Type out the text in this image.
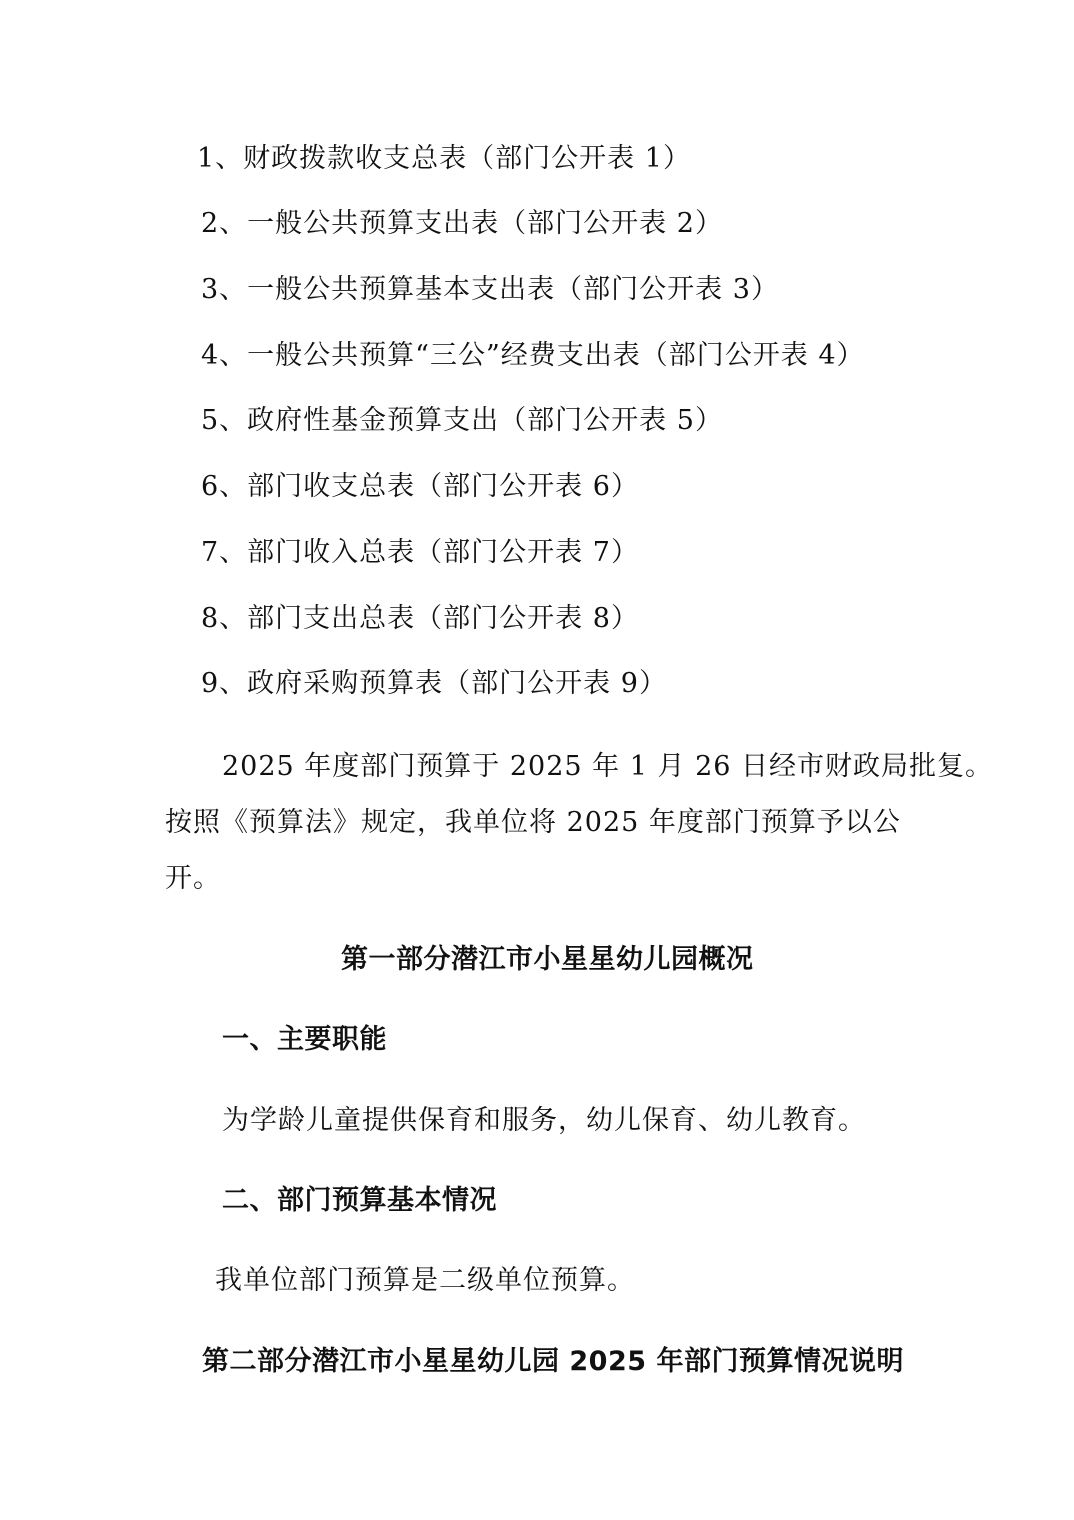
1、财政拨款收支总表（部门公开表 1）
2、一般公共预算支出表（部门公开表 2）
3、一般公共预算基本支出表（部门公开表 3）
4、一般公共预算“三公”经费支出表（部门公开表 4）
5、政府性基金预算支出（部门公开表 5）
6、部门收支总表（部门公开表 6）
7、部门收入总表（部门公开表 7）
8、部门支出总表（部门公开表 8）
9、政府采购预算表（部门公开表 9）
2025 年度部门预算于 2025 年 1 月 26 日经市财政局批复。
按照《预算法》规定，我单位将 2025 年度部门预算予以公
开。
第一部分潜江市小星星幼儿园概况
一、主要职能
为学龄儿童提供保育和服务，幼儿保育、幼儿教育。
二、部门预算基本情况
我单位部门预算是二级单位预算。
第二部分潜江市小星星幼儿园 2025 年部门预算情况说明
